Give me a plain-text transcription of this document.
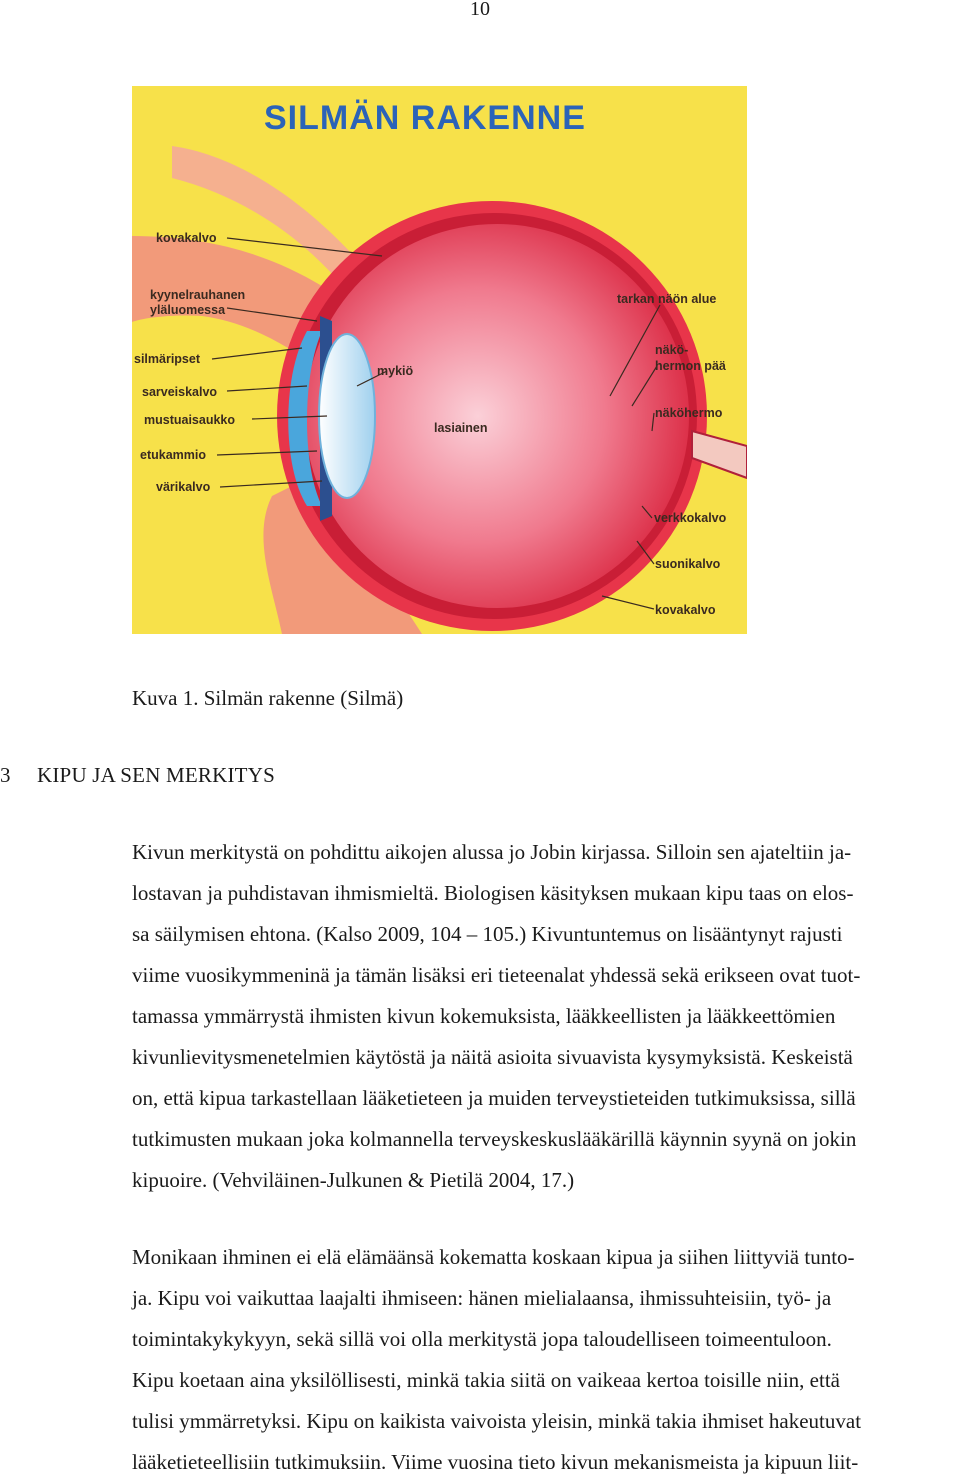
10
SILMÄN RAKENNE
kovakalvo
kyynelrauhanen
yläluomessa
silmäripset
sarveiskalvo
mustuaisaukko
etukammio
värikalvo
mykiö
lasiainen
tarkan näön alue
näkö-
hermon pää
näköhermo
verkkokalvo
suonikalvo
kovakalvo
Kuva 1. Silmän rakenne (Silmä)
3 KIPU JA SEN MERKITYS
Kivun merkitystä on pohdittu aikojen alussa jo Jobin kirjassa. Silloin sen ajateltiin ja-
lostavan ja puhdistavan ihmismieltä. Biologisen käsityksen mukaan kipu taas on elos-
sa säilymisen ehtona. (Kalso 2009, 104 – 105.) Kivuntuntemus on lisääntynyt rajusti
viime vuosikymmeninä ja tämän lisäksi eri tieteenalat yhdessä sekä erikseen ovat tuot-
tamassa ymmärrystä ihmisten kivun kokemuksista, lääkkeellisten ja lääkkeettömien
kivunlievitysmenetelmien käytöstä ja näitä asioita sivuavista kysymyksistä. Keskeistä
on, että kipua tarkastellaan lääketieteen ja muiden terveystieteiden tutkimuksissa, sillä
tutkimusten mukaan joka kolmannella terveyskeskuslääkärillä käynnin syynä on jokin
kipuoire. (Vehviläinen-Julkunen & Pietilä 2004, 17.)
Monikaan ihminen ei elä elämäänsä kokematta koskaan kipua ja siihen liittyviä tunto-
ja. Kipu voi vaikuttaa laajalti ihmiseen: hänen mielialaansa, ihmissuhteisiin, työ- ja
toimintakykykyyn, sekä sillä voi olla merkitystä jopa taloudelliseen toimeentuloon.
Kipu koetaan aina yksilöllisesti, minkä takia siitä on vaikeaa kertoa toisille niin, että
tulisi ymmärretyksi. Kipu on kaikista vaivoista yleisin, minkä takia ihmiset hakeutuvat
lääketieteellisiin tutkimuksiin. Viime vuosina tieto kivun mekanismeista ja kipuun liit-
